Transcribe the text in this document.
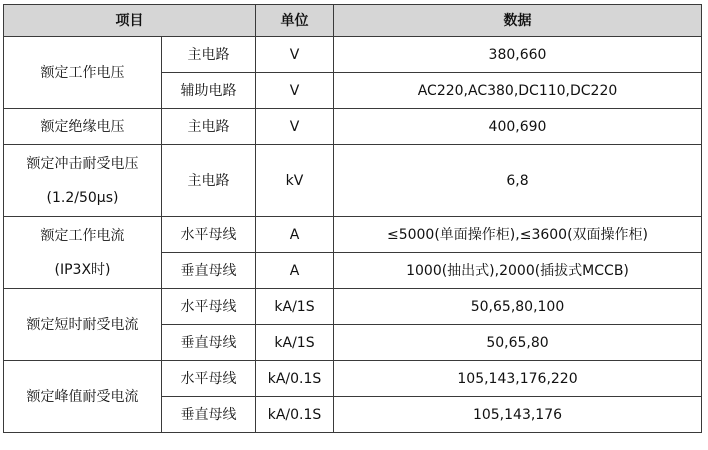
项目		单位	数据
额定工作电压	主电路	V	380,660
	辅助电路	V	AC220,AC380,DC110,DC220
额定绝缘电压	主电路	V	400,690

额定冲击耐受电压
(1.2/50μs)	主电路	kV	6,8

额定工作电流
(IP3X时)	水平母线	A	≤5000(单面操作柜),≤3600(双面操作柜)
	垂直母线	A	1000(抽出式),2000(插拔式MCCB)
额定短时耐受电流	水平母线	kA/1S	50,65,80,100
	垂直母线	kA/1S	50,65,80
额定峰值耐受电流	水平母线	kA/0.1S	105,143,176,220
	垂直母线	kA/0.1S	105,143,176
